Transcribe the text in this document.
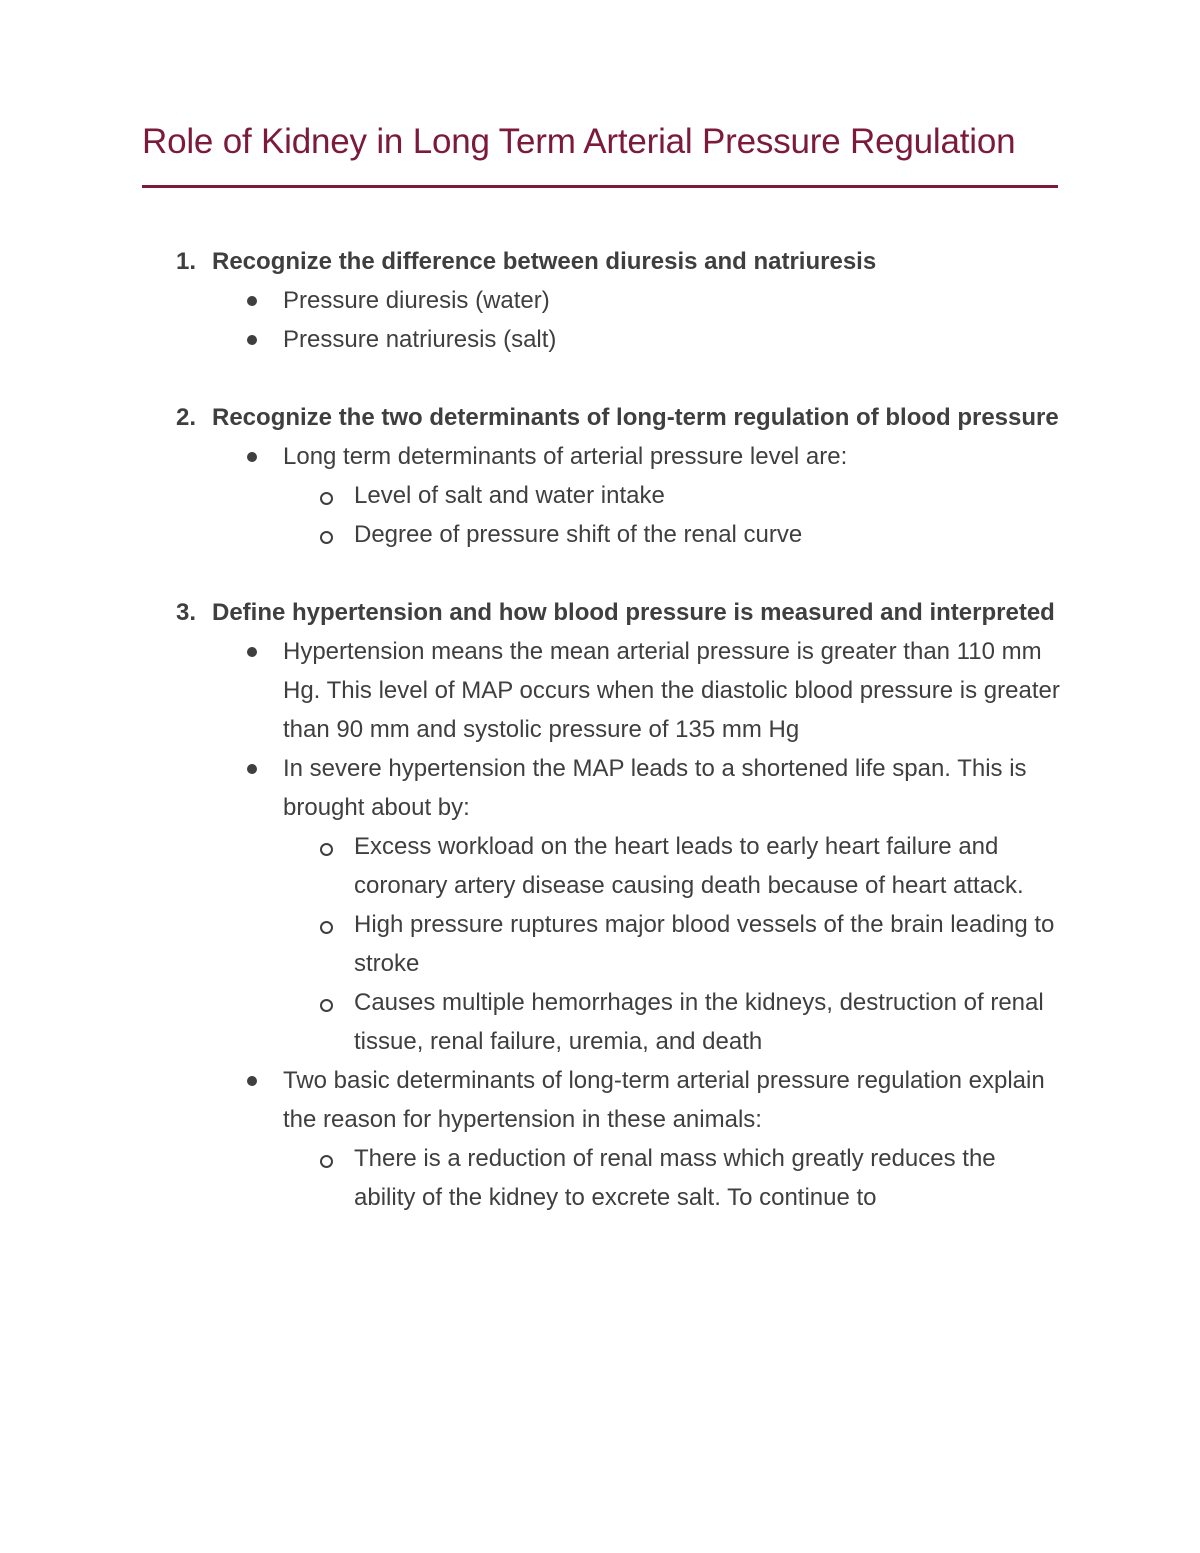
Role of Kidney in Long Term Arterial Pressure Regulation
1. Recognize the difference between diuresis and natriuresis
Pressure diuresis (water)
Pressure natriuresis (salt)
2. Recognize the two determinants of long-term regulation of blood pressure
Long term determinants of arterial pressure level are:
Level of salt and water intake
Degree of pressure shift of the renal curve
3. Define hypertension and how blood pressure is measured and interpreted
Hypertension means the mean arterial pressure is greater than 110 mm Hg. This level of MAP occurs when the diastolic blood pressure is greater than 90 mm and systolic pressure of 135 mm Hg
In severe hypertension the MAP leads to a shortened life span. This is brought about by:
Excess workload on the heart leads to early heart failure and coronary artery disease causing death because of heart attack.
High pressure ruptures major blood vessels of the brain leading to stroke
Causes multiple hemorrhages in the kidneys, destruction of renal tissue, renal failure, uremia, and death
Two basic determinants of long-term arterial pressure regulation explain the reason for hypertension in these animals:
There is a reduction of renal mass which greatly reduces the ability of the kidney to excrete salt. To continue to
